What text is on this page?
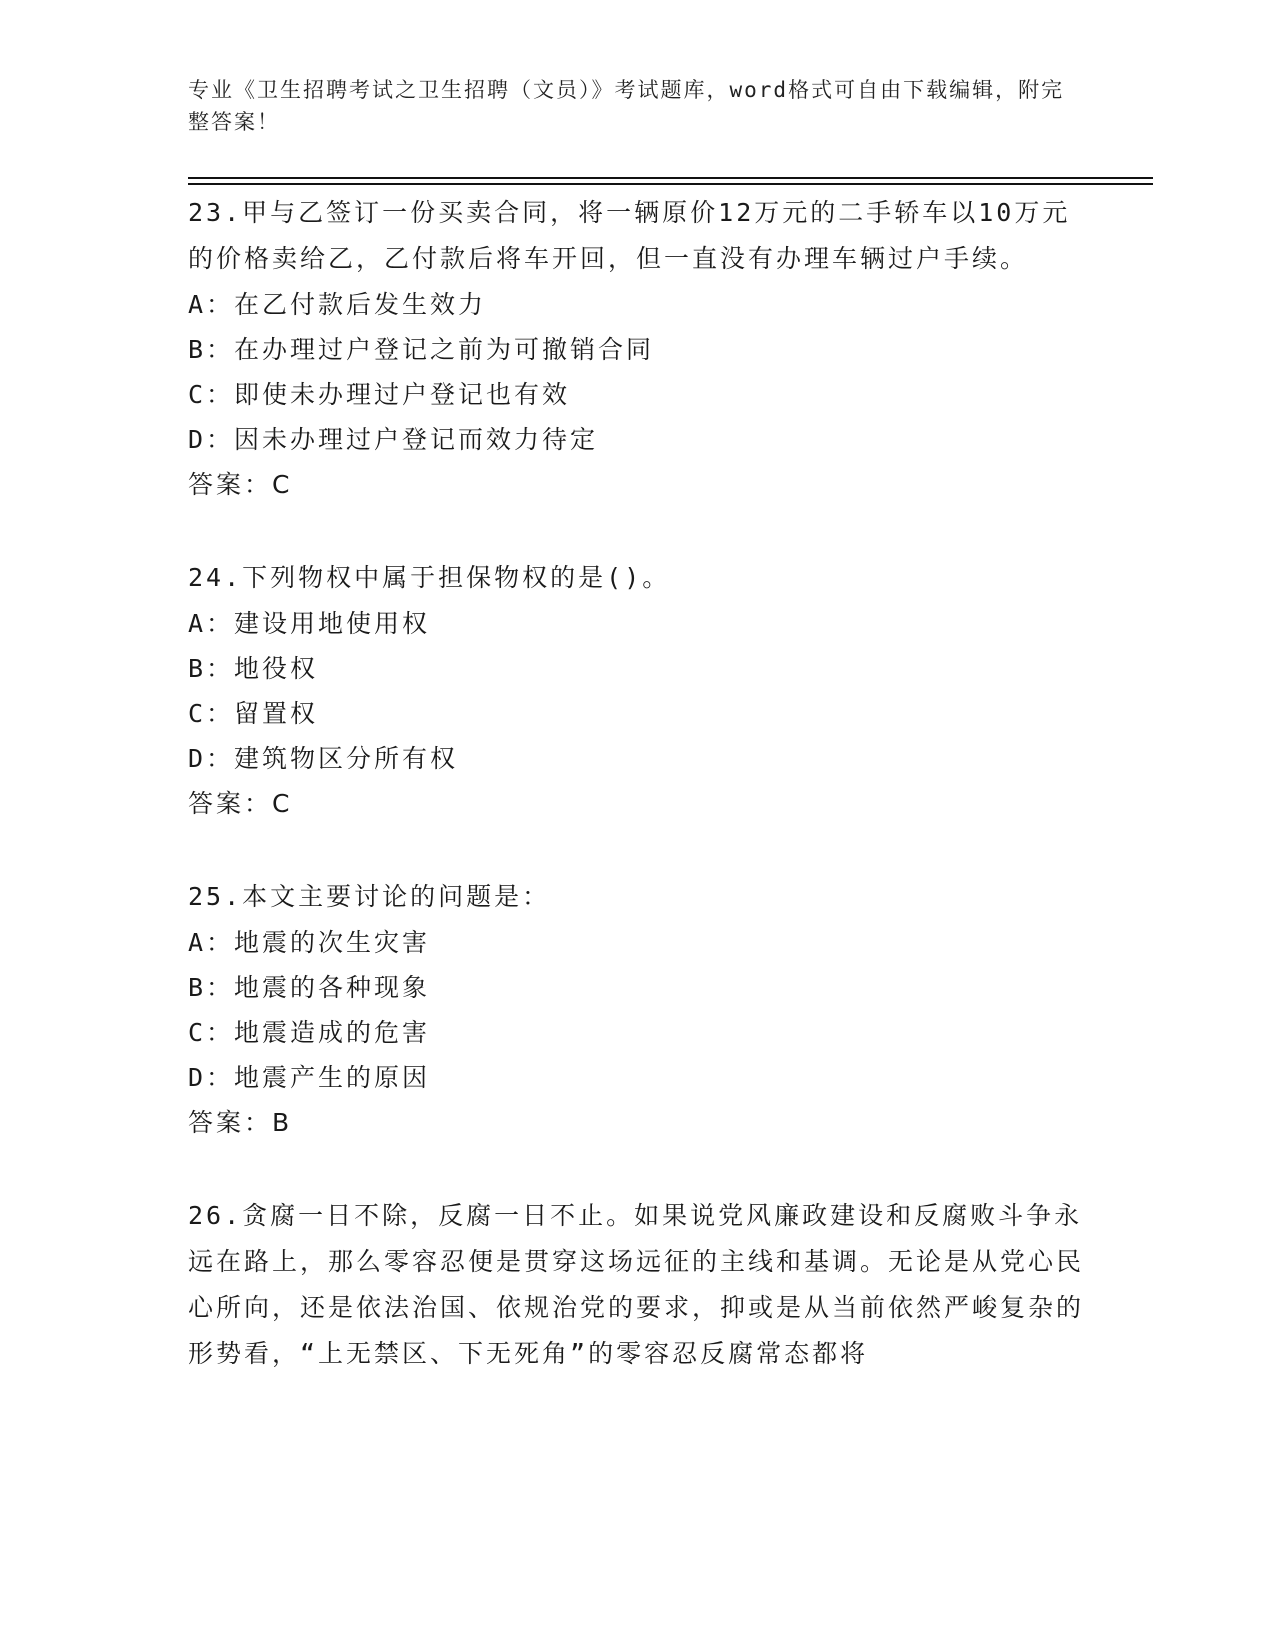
专业《卫生招聘考试之卫生招聘（文员）》考试题库，word格式可自由下载编辑，附完整答案！

23.甲与乙签订一份买卖合同，将一辆原价12万元的二手轿车以10万元的价格卖给乙，乙付款后将车开回，但一直没有办理车辆过户手续。

A：在乙付款后发生效力

B：在办理过户登记之前为可撤销合同

C：即使未办理过户登记也有效

D：因未办理过户登记而效力待定

答案：C

24.下列物权中属于担保物权的是()。

A：建设用地使用权

B：地役权

C：留置权

D：建筑物区分所有权

答案：C

25.本文主要讨论的问题是：

A：地震的次生灾害

B：地震的各种现象

C：地震造成的危害

D：地震产生的原因

答案：B

26.贪腐一日不除，反腐一日不止。如果说党风廉政建设和反腐败斗争永远在路上，那么零容忍便是贯穿这场远征的主线和基调。无论是从党心民心所向，还是依法治国、依规治党的要求，抑或是从当前依然严峻复杂的形势看，“上无禁区、下无死角”的零容忍反腐常态都将
